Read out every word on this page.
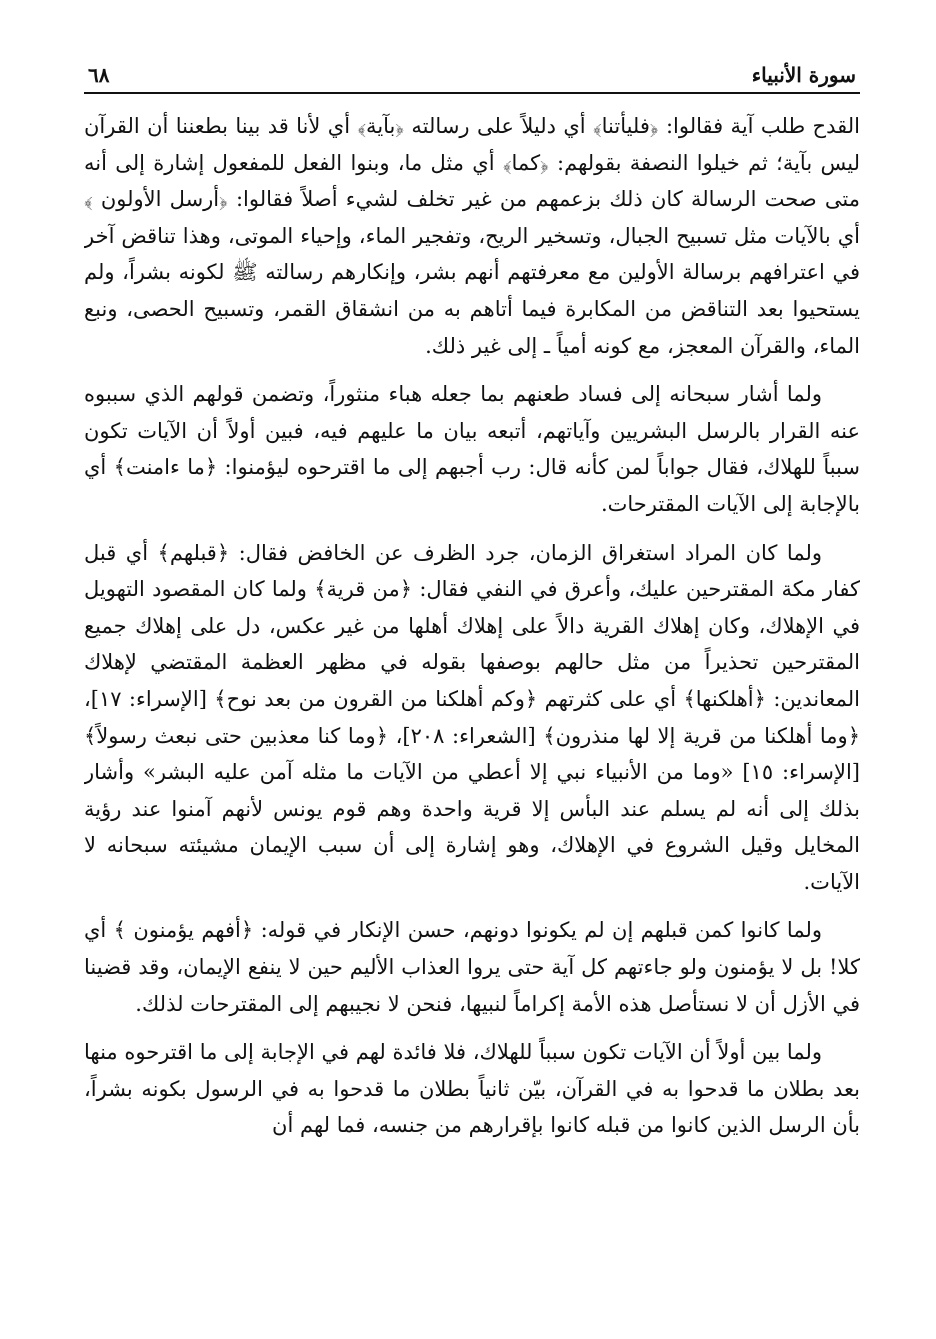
سورة الأنبياء
٦٨

القدح طلب آية فقالوا: ﴿فليأتنا﴾ أي دليلاً على رسالته ﴿بآية﴾ أي لأنا قد بينا بطعننا أن القرآن ليس بآية؛ ثم خيلوا النصفة بقولهم: ﴿كما﴾ أي مثل ما، وبنوا الفعل للمفعول إشارة إلى أنه متى صحت الرسالة كان ذلك بزعمهم من غير تخلف لشيء أصلاً فقالوا: ﴿أرسل الأولون ﴾ أي بالآيات مثل تسبيح الجبال، وتسخير الريح، وتفجير الماء، وإحياء الموتى، وهذا تناقض آخر في اعترافهم برسالة الأولين مع معرفتهم أنهم بشر، وإنكارهم رسالته ﷺ لكونه بشراً، ولم يستحيوا بعد التناقض من المكابرة فيما أتاهم به من انشقاق القمر، وتسبيح الحصى، ونبع الماء، والقرآن المعجز، مع كونه أمياً ـ إلى غير ذلك.

ولما أشار سبحانه إلى فساد طعنهم بما جعله هباء منثوراً، وتضمن قولهم الذي سببوه عنه القرار بالرسل البشريين وآياتهم، أتبعه بيان ما عليهم فيه، فبين أولاً أن الآيات تكون سبباً للهلاك، فقال جواباً لمن كأنه قال: رب أجبهم إلى ما اقترحوه ليؤمنوا: ﴿ما ءامنت﴾ أي بالإجابة إلى الآيات المقترحات.

ولما كان المراد استغراق الزمان، جرد الظرف عن الخافض فقال: ﴿قبلهم﴾ أي قبل كفار مكة المقترحين عليك، وأعرق في النفي فقال: ﴿من قرية﴾ ولما كان المقصود التهويل في الإهلاك، وكان إهلاك القرية دالاً على إهلاك أهلها من غير عكس، دل على إهلاك جميع المقترحين تحذيراً من مثل حالهم بوصفها بقوله في مظهر العظمة المقتضي لإهلاك المعاندين: ﴿أهلكنها﴾ أي على كثرتهم ﴿وكم أهلكنا من القرون من بعد نوح﴾ [الإسراء: ١٧]، ﴿وما أهلكنا من قرية إلا لها منذرون﴾ [الشعراء: ٢٠٨]، ﴿وما كنا معذبين حتى نبعث رسولاً﴾ [الإسراء: ١٥] «وما من الأنبياء نبي إلا أعطي من الآيات ما مثله آمن عليه البشر» وأشار بذلك إلى أنه لم يسلم عند البأس إلا قرية واحدة وهم قوم يونس لأنهم آمنوا عند رؤية المخايل وقيل الشروع في الإهلاك، وهو إشارة إلى أن سبب الإيمان مشيئته سبحانه لا الآيات.

ولما كانوا كمن قبلهم إن لم يكونوا دونهم، حسن الإنكار في قوله: ﴿أفهم يؤمنون ﴾ أي كلا! بل لا يؤمنون ولو جاءتهم كل آية حتى يروا العذاب الأليم حين لا ينفع الإيمان، وقد قضينا في الأزل أن لا نستأصل هذه الأمة إكراماً لنبيها، فنحن لا نجيبهم إلى المقترحات لذلك.

ولما بين أولاً أن الآيات تكون سبباً للهلاك، فلا فائدة لهم في الإجابة إلى ما اقترحوه منها بعد بطلان ما قدحوا به في القرآن، بيّن ثانياً بطلان ما قدحوا به في الرسول بكونه بشراً، بأن الرسل الذين كانوا من قبله كانوا بإقرارهم من جنسه، فما لهم أن
